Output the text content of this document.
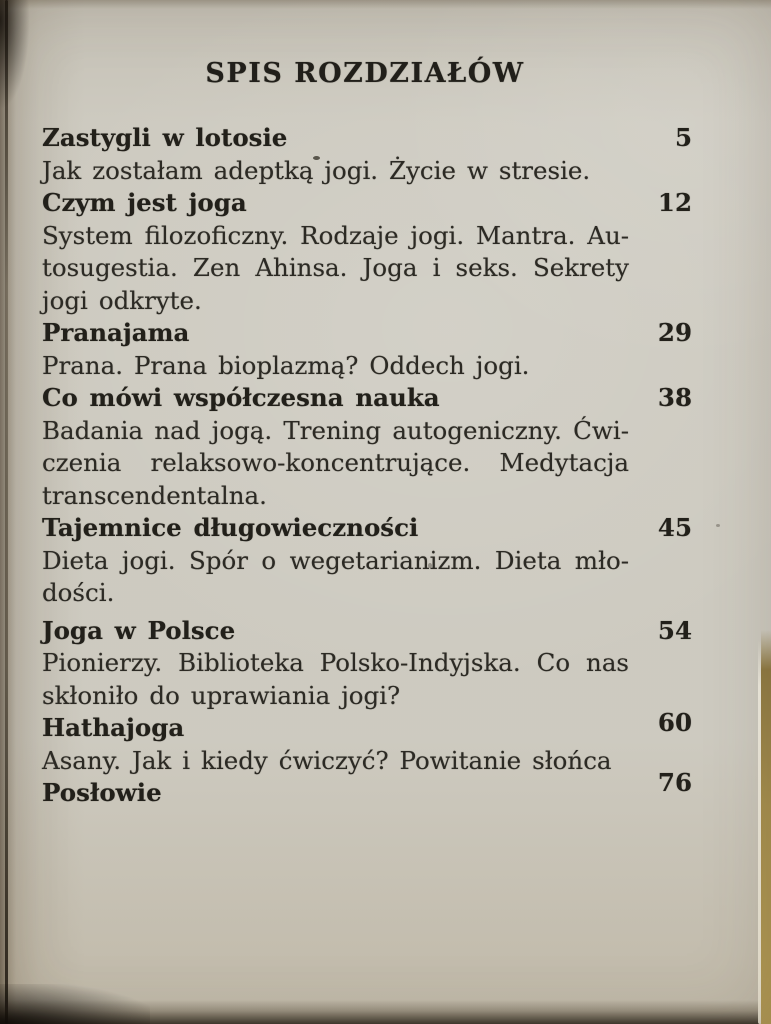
SPIS ROZDZIAŁÓW
Zastygli w lotosie	5
Jak zostałam adeptką jogi. Życie w stresie.
Czym jest joga	12
System filozoficzny. Rodzaje jogi. Mantra. Au-
tosugestia. Zen Ahinsa. Joga i seks. Sekrety
jogi odkryte.
Pranajama	29
Prana. Prana bioplazmą? Oddech jogi.
Co mówi współczesna nauka	38
Badania nad jogą. Trening autogeniczny. Ćwi-
czenia relaksowo-koncentrujące. Medytacja
transcendentalna.
Tajemnice długowieczności	45
Dieta jogi. Spór o wegetarianizm. Dieta mło-
dości.
Joga w Polsce	54
Pionierzy. Biblioteka Polsko-Indyjska. Co nas
skłoniło do uprawiania jogi?
Hathajoga	60
Asany. Jak i kiedy ćwiczyć? Powitanie słońca
Posłowie	76
